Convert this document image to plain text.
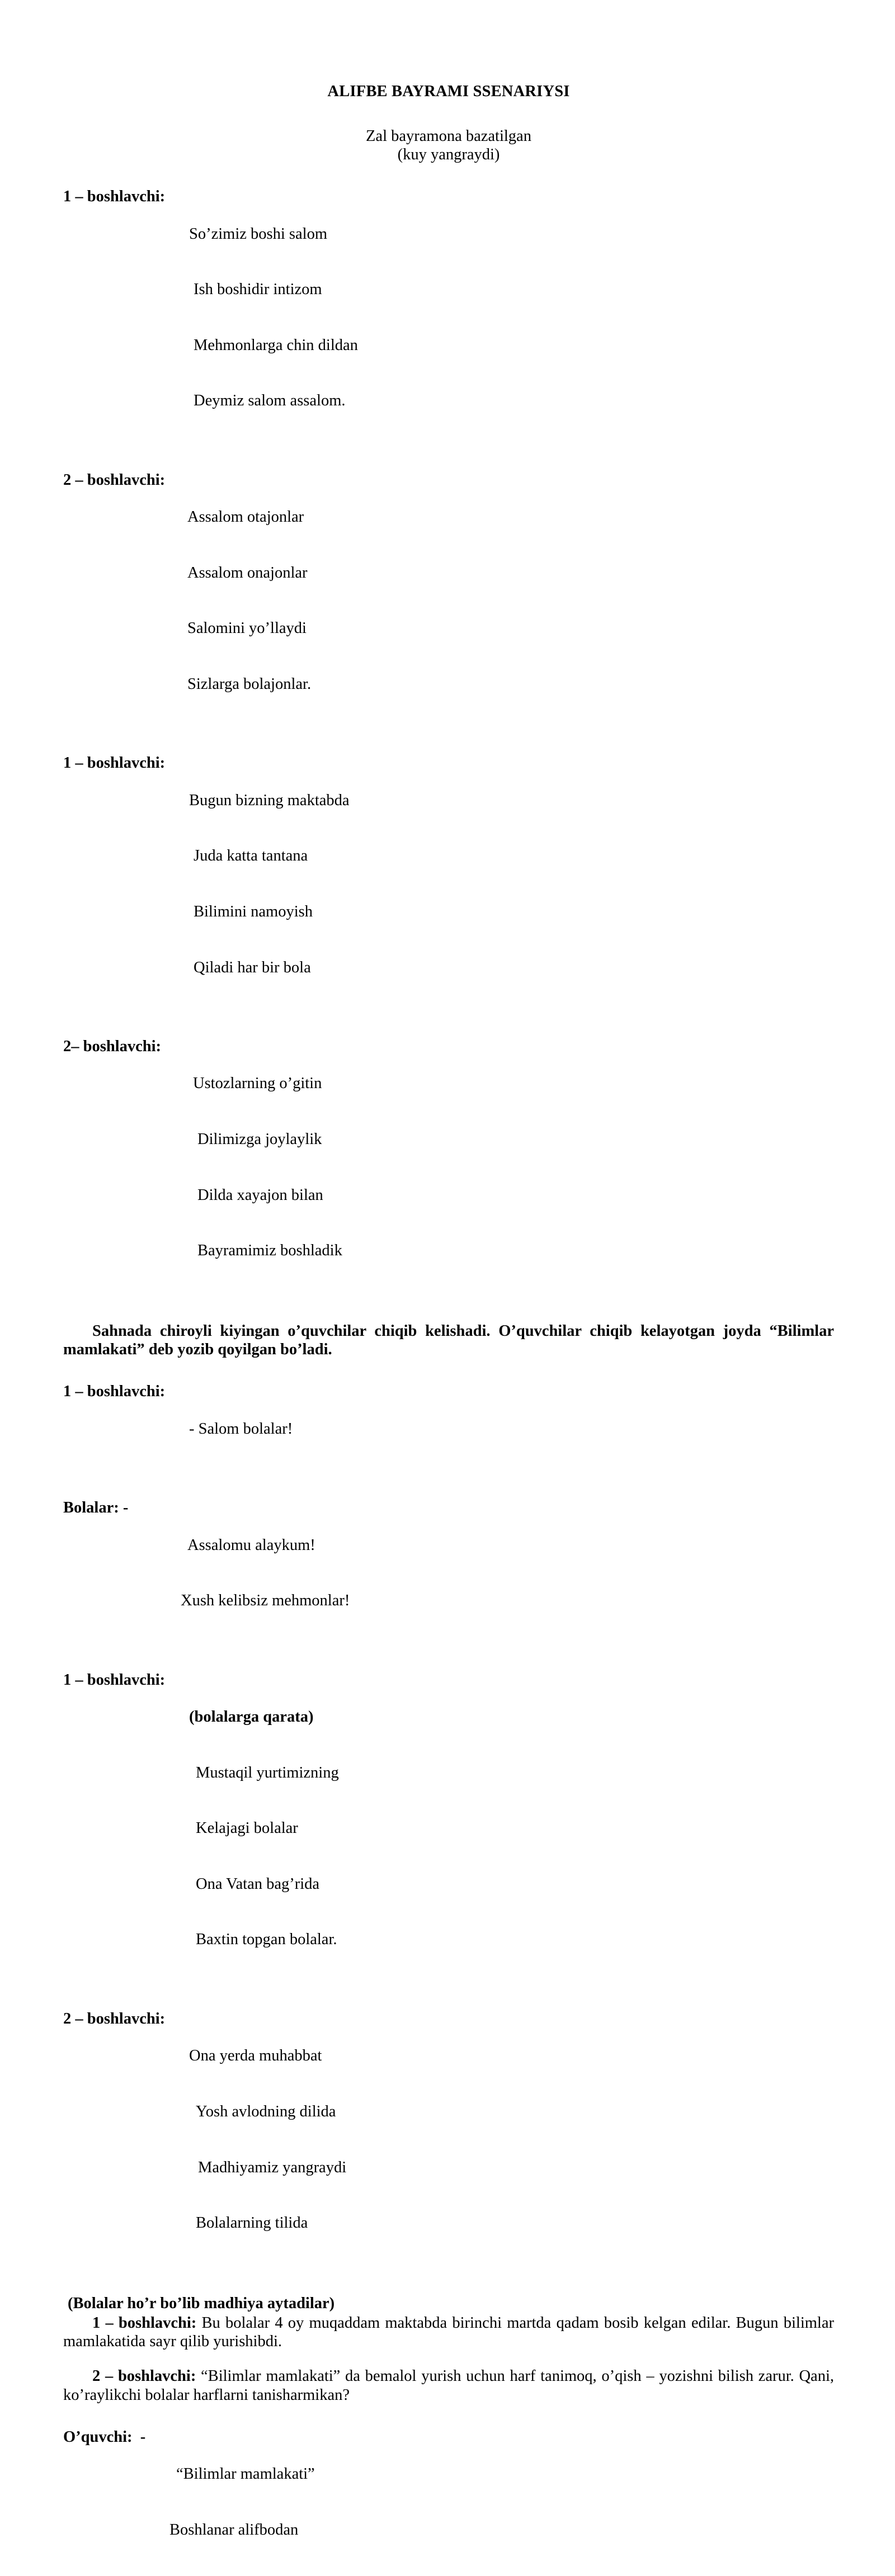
ALIFBE BAYRAMI SSENARIYSI
Zal bayramona bazatilgan
(kuy yangraydi)
1 – boshlavchi:

So’zimiz boshi salom

Ish boshidir intizom

Mehmonlarga chin dildan

Deymiz salom assalom.

2 – boshlavchi:

Assalom otajonlar

Assalom onajonlar

Salomini yo’llaydi

Sizlarga bolajonlar.

1 – boshlavchi:

Bugun bizning maktabda

Juda katta tantana

Bilimini namoyish

Qiladi har bir bola

2– boshlavchi:

Ustozlarning o’gitin

Dilimizga joylaylik

Dilda xayajon bilan

Bayramimiz boshladik

Sahnada chiroyli kiyingan o’quvchilar chiqib kelishadi. O’quvchilar chiqib kelayotgan joyda “Bilimlar mamlakati” deb yozib qoyilgan bo’ladi.

1 – boshlavchi:

- Salom bolalar!

Bolalar: -

Assalomu alaykum!

Xush kelibsiz mehmonlar!

1 – boshlavchi:

(bolalarga qarata)

Mustaqil yurtimizning

Kelajagi bolalar

Ona Vatan bag’rida

Baxtin topgan bolalar.

2 – boshlavchi:

Ona yerda muhabbat

Yosh avlodning dilida

Madhiyamiz yangraydi

Bolalarning tilida

(Bolalar ho’r bo’lib madhiya aytadilar)

1 – boshlavchi: Bu bolalar 4 oy muqaddam maktabda birinchi martda qadam bosib kelgan edilar. Bugun bilimlar mamlakatida sayr qilib yurishibdi.

2 – boshlavchi: “Bilimlar mamlakati” da bemalol yurish uchun harf tanimoq, o’qish – yozishni bilish zarur. Qani, ko’raylikchi bolalar harflarni tanisharmikan?

O’quvchi:  -

“Bilimlar mamlakati”

Boshlanar alifbodan
